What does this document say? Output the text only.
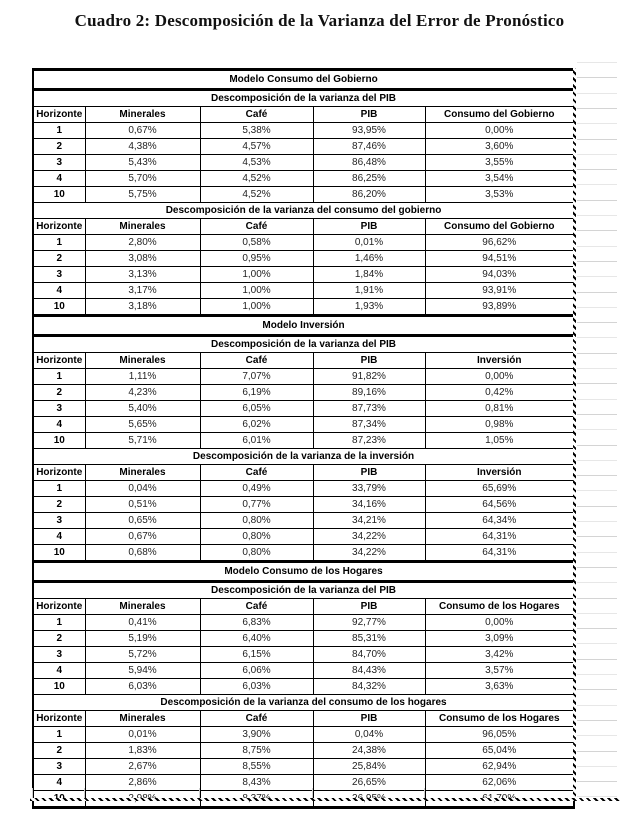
Cuadro 2: Descomposición de la Varianza del Error de Pronóstico
Modelo Consumo del Gobierno				
Descomposición de la varianza del PIB				
Horizonte	Minerales	Café	PIB	Consumo del Gobierno
1	0,67%	5,38%	93,95%	0,00%
2	4,38%	4,57%	87,46%	3,60%
3	5,43%	4,53%	86,48%	3,55%
4	5,70%	4,52%	86,25%	3,54%
10	5,75%	4,52%	86,20%	3,53%
Descomposición de la varianza del consumo del gobierno				
Horizonte	Minerales	Café	PIB	Consumo del Gobierno
1	2,80%	0,58%	0,01%	96,62%
2	3,08%	0,95%	1,46%	94,51%
3	3,13%	1,00%	1,84%	94,03%
4	3,17%	1,00%	1,91%	93,91%
10	3,18%	1,00%	1,93%	93,89%
Modelo Inversión				
Descomposición de la varianza del PIB				
Horizonte	Minerales	Café	PIB	Inversión
1	1,11%	7,07%	91,82%	0,00%
2	4,23%	6,19%	89,16%	0,42%
3	5,40%	6,05%	87,73%	0,81%
4	5,65%	6,02%	87,34%	0,98%
10	5,71%	6,01%	87,23%	1,05%
Descomposición de la varianza de la inversión				
Horizonte	Minerales	Café	PIB	Inversión
1	0,04%	0,49%	33,79%	65,69%
2	0,51%	0,77%	34,16%	64,56%
3	0,65%	0,80%	34,21%	64,34%
4	0,67%	0,80%	34,22%	64,31%
10	0,68%	0,80%	34,22%	64,31%
Modelo Consumo de los Hogares				
Descomposición de la varianza del PIB				
Horizonte	Minerales	Café	PIB	Consumo de los Hogares
1	0,41%	6,83%	92,77%	0,00%
2	5,19%	6,40%	85,31%	3,09%
3	5,72%	6,15%	84,70%	3,42%
4	5,94%	6,06%	84,43%	3,57%
10	6,03%	6,03%	84,32%	3,63%
Descomposición de la varianza del consumo de los hogares				
Horizonte	Minerales	Café	PIB	Consumo de los Hogares
1	0,01%	3,90%	0,04%	96,05%
2	1,83%	8,75%	24,38%	65,04%
3	2,67%	8,55%	25,84%	62,94%
4	2,86%	8,43%	26,65%	62,06%
